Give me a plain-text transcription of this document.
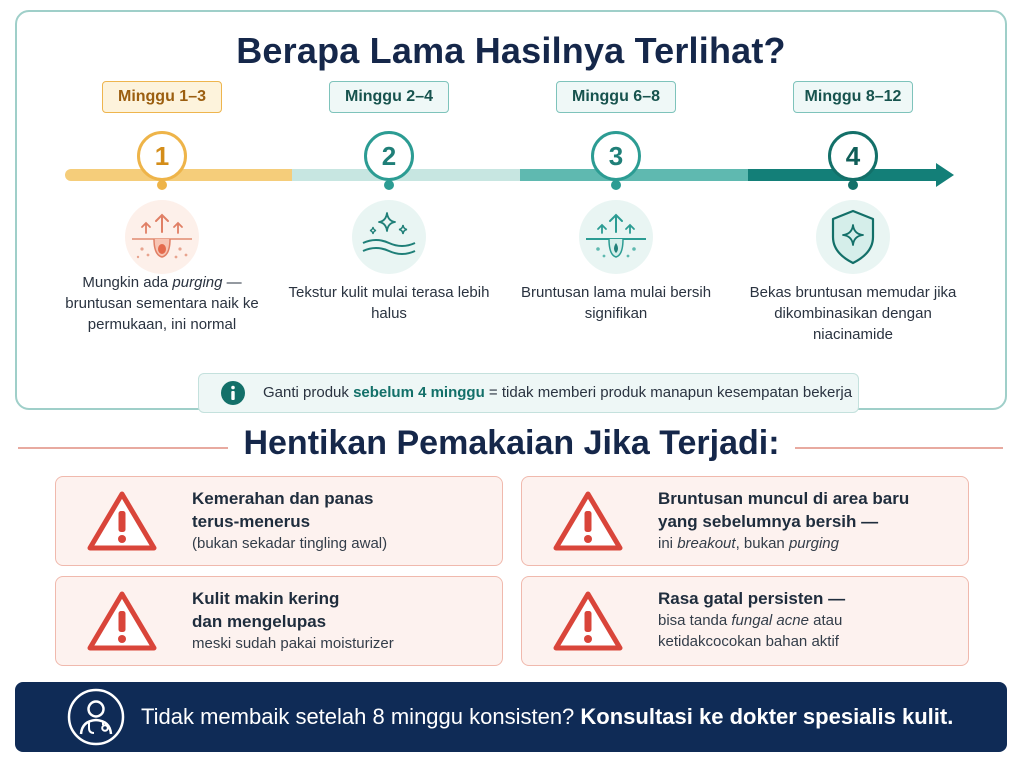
Berapa Lama Hasilnya Terlihat?
Minggu 1–3
1
Mungkin ada purging — bruntusan sementara naik ke permukaan, ini normal
Minggu 2–4
2
Tekstur kulit mulai terasa lebih halus
Minggu 6–8
3
Bruntusan lama mulai bersih signifikan
Minggu 8–12
4
Bekas bruntusan memudar jika dikombinasikan dengan niacinamide
Ganti produk sebelum 4 minggu = tidak memberi produk manapun kesempatan bekerja
Hentikan Pemakaian Jika Terjadi:
Kemerahan dan panas
terus-menerus
(bukan sekadar tingling awal)
Bruntusan muncul di area baru
yang sebelumnya bersih —
ini breakout, bukan purging
Kulit makin kering
dan mengelupas
meski sudah pakai moisturizer
Rasa gatal persisten —
bisa tanda fungal acne atau
ketidakcocokan bahan aktif
Tidak membaik setelah 8 minggu konsisten? Konsultasi ke dokter spesialis kulit.
